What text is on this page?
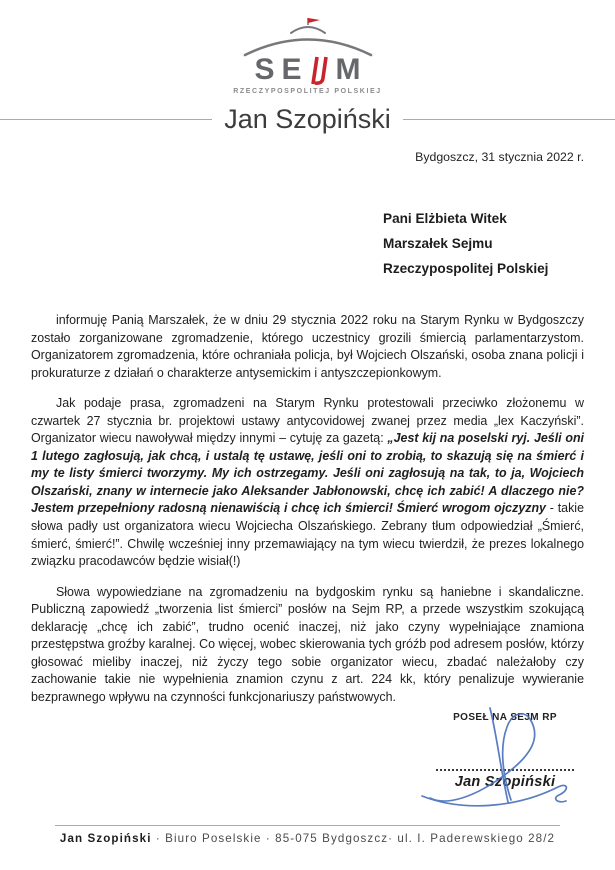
S E M
RZECZYPOSPOLITEJ POLSKIEJ
Jan Szopiński
Bydgoszcz, 31 stycznia 2022 r.
Pani Elżbieta Witek
Marszałek Sejmu
Rzeczypospolitej Polskiej

informuję Panią Marszałek, że w dniu 29 stycznia 2022 roku na Starym Rynku w Bydgoszczy zostało zorganizowane zgromadzenie, którego uczestnicy grozili śmiercią parlamentarzystom. Organizatorem zgromadzenia, które ochraniała policja, był Wojciech Olszański, osoba znana policji i prokuraturze z działań o charakterze antysemickim i antyszczepionkowym.

Jak podaje prasa, zgromadzeni na Starym Rynku protestowali przeciwko złożonemu w czwartek 27 stycznia br. projektowi ustawy antycovidowej zwanej przez media „lex Kaczyński”. Organizator wiecu nawoływał między innymi – cytuję za gazetą: „Jest kij na poselski ryj. Jeśli oni 1 lutego zagłosują, jak chcą, i ustalą tę ustawę, jeśli oni to zrobią, to skazują się na śmierć i my te listy śmierci tworzymy. My ich ostrzegamy. Jeśli oni zagłosują na tak, to ja, Wojciech Olszański, znany w internecie jako Aleksander Jabłonowski, chcę ich zabić! A dlaczego nie? Jestem przepełniony radosną nienawiścią i chcę ich śmierci! Śmierć wrogom ojczyzny - takie słowa padły ust organizatora wiecu Wojciecha Olszańskiego. Zebrany tłum odpowiedział „Śmierć, śmierć, śmierć!”. Chwilę wcześniej inny przemawiający na tym wiecu twierdził, że prezes lokalnego związku pracodawców będzie wisiał(!)

Słowa wypowiedziane na zgromadzeniu na bydgoskim rynku są haniebne i skandaliczne. Publiczną zapowiedź „tworzenia list śmierci” posłów na Sejm RP, a przede wszystkim szokującą deklarację „chcę ich zabić”, trudno ocenić inaczej, niż jako czyny wypełniające znamiona przestępstwa groźby karalnej. Co więcej, wobec skierowania tych gróźb pod adresem posłów, którzy głosować mieliby inaczej, niż życzy tego sobie organizator wiecu, zbadać należałoby czy zachowanie takie nie wypełnienia znamion czynu z art. 224 kk, który penalizuje wywieranie bezprawnego wpływu na czynności funkcjonariuszy państwowych.

POSEŁ NA SEJM RP
Jan Szopiński
Jan Szopiński · Biuro Poselskie · 85-075 Bydgoszcz· ul. I. Paderewskiego 28/2
